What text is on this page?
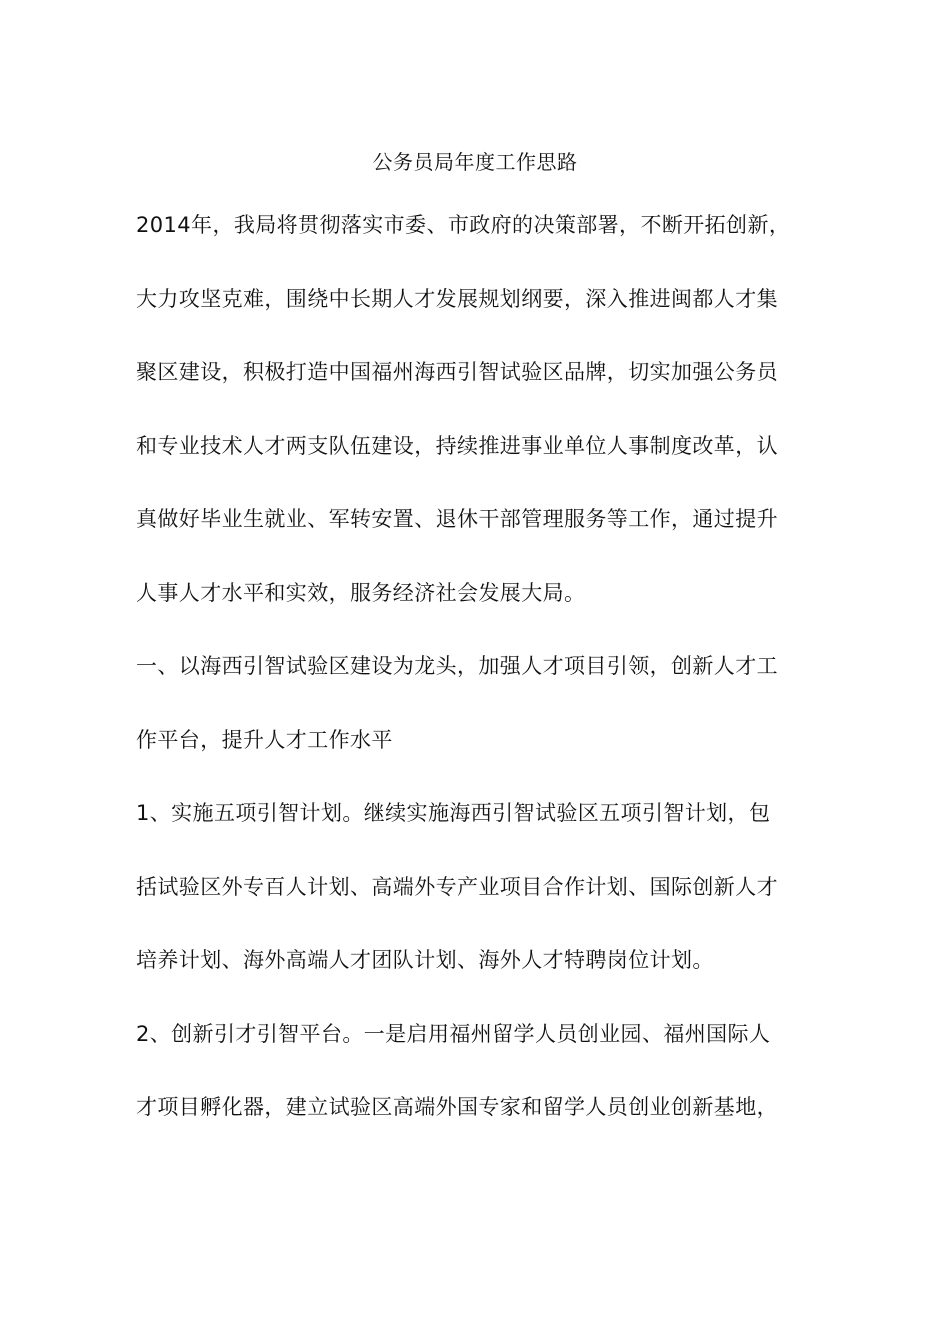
公务员局年度工作思路
2014年，我局将贯彻落实市委、市政府的决策部署，不断开拓创新，
大力攻坚克难，围绕中长期人才发展规划纲要，深入推进闽都人才集
聚区建设，积极打造中国福州海西引智试验区品牌，切实加强公务员
和专业技术人才两支队伍建设，持续推进事业单位人事制度改革，认
真做好毕业生就业、军转安置、退休干部管理服务等工作，通过提升
人事人才水平和实效，服务经济社会发展大局。
一、以海西引智试验区建设为龙头，加强人才项目引领，创新人才工
作平台，提升人才工作水平
1、实施五项引智计划。继续实施海西引智试验区五项引智计划，包
括试验区外专百人计划、高端外专产业项目合作计划、国际创新人才
培养计划、海外高端人才团队计划、海外人才特聘岗位计划。
2、创新引才引智平台。一是启用福州留学人员创业园、福州国际人
才项目孵化器，建立试验区高端外国专家和留学人员创业创新基地，
